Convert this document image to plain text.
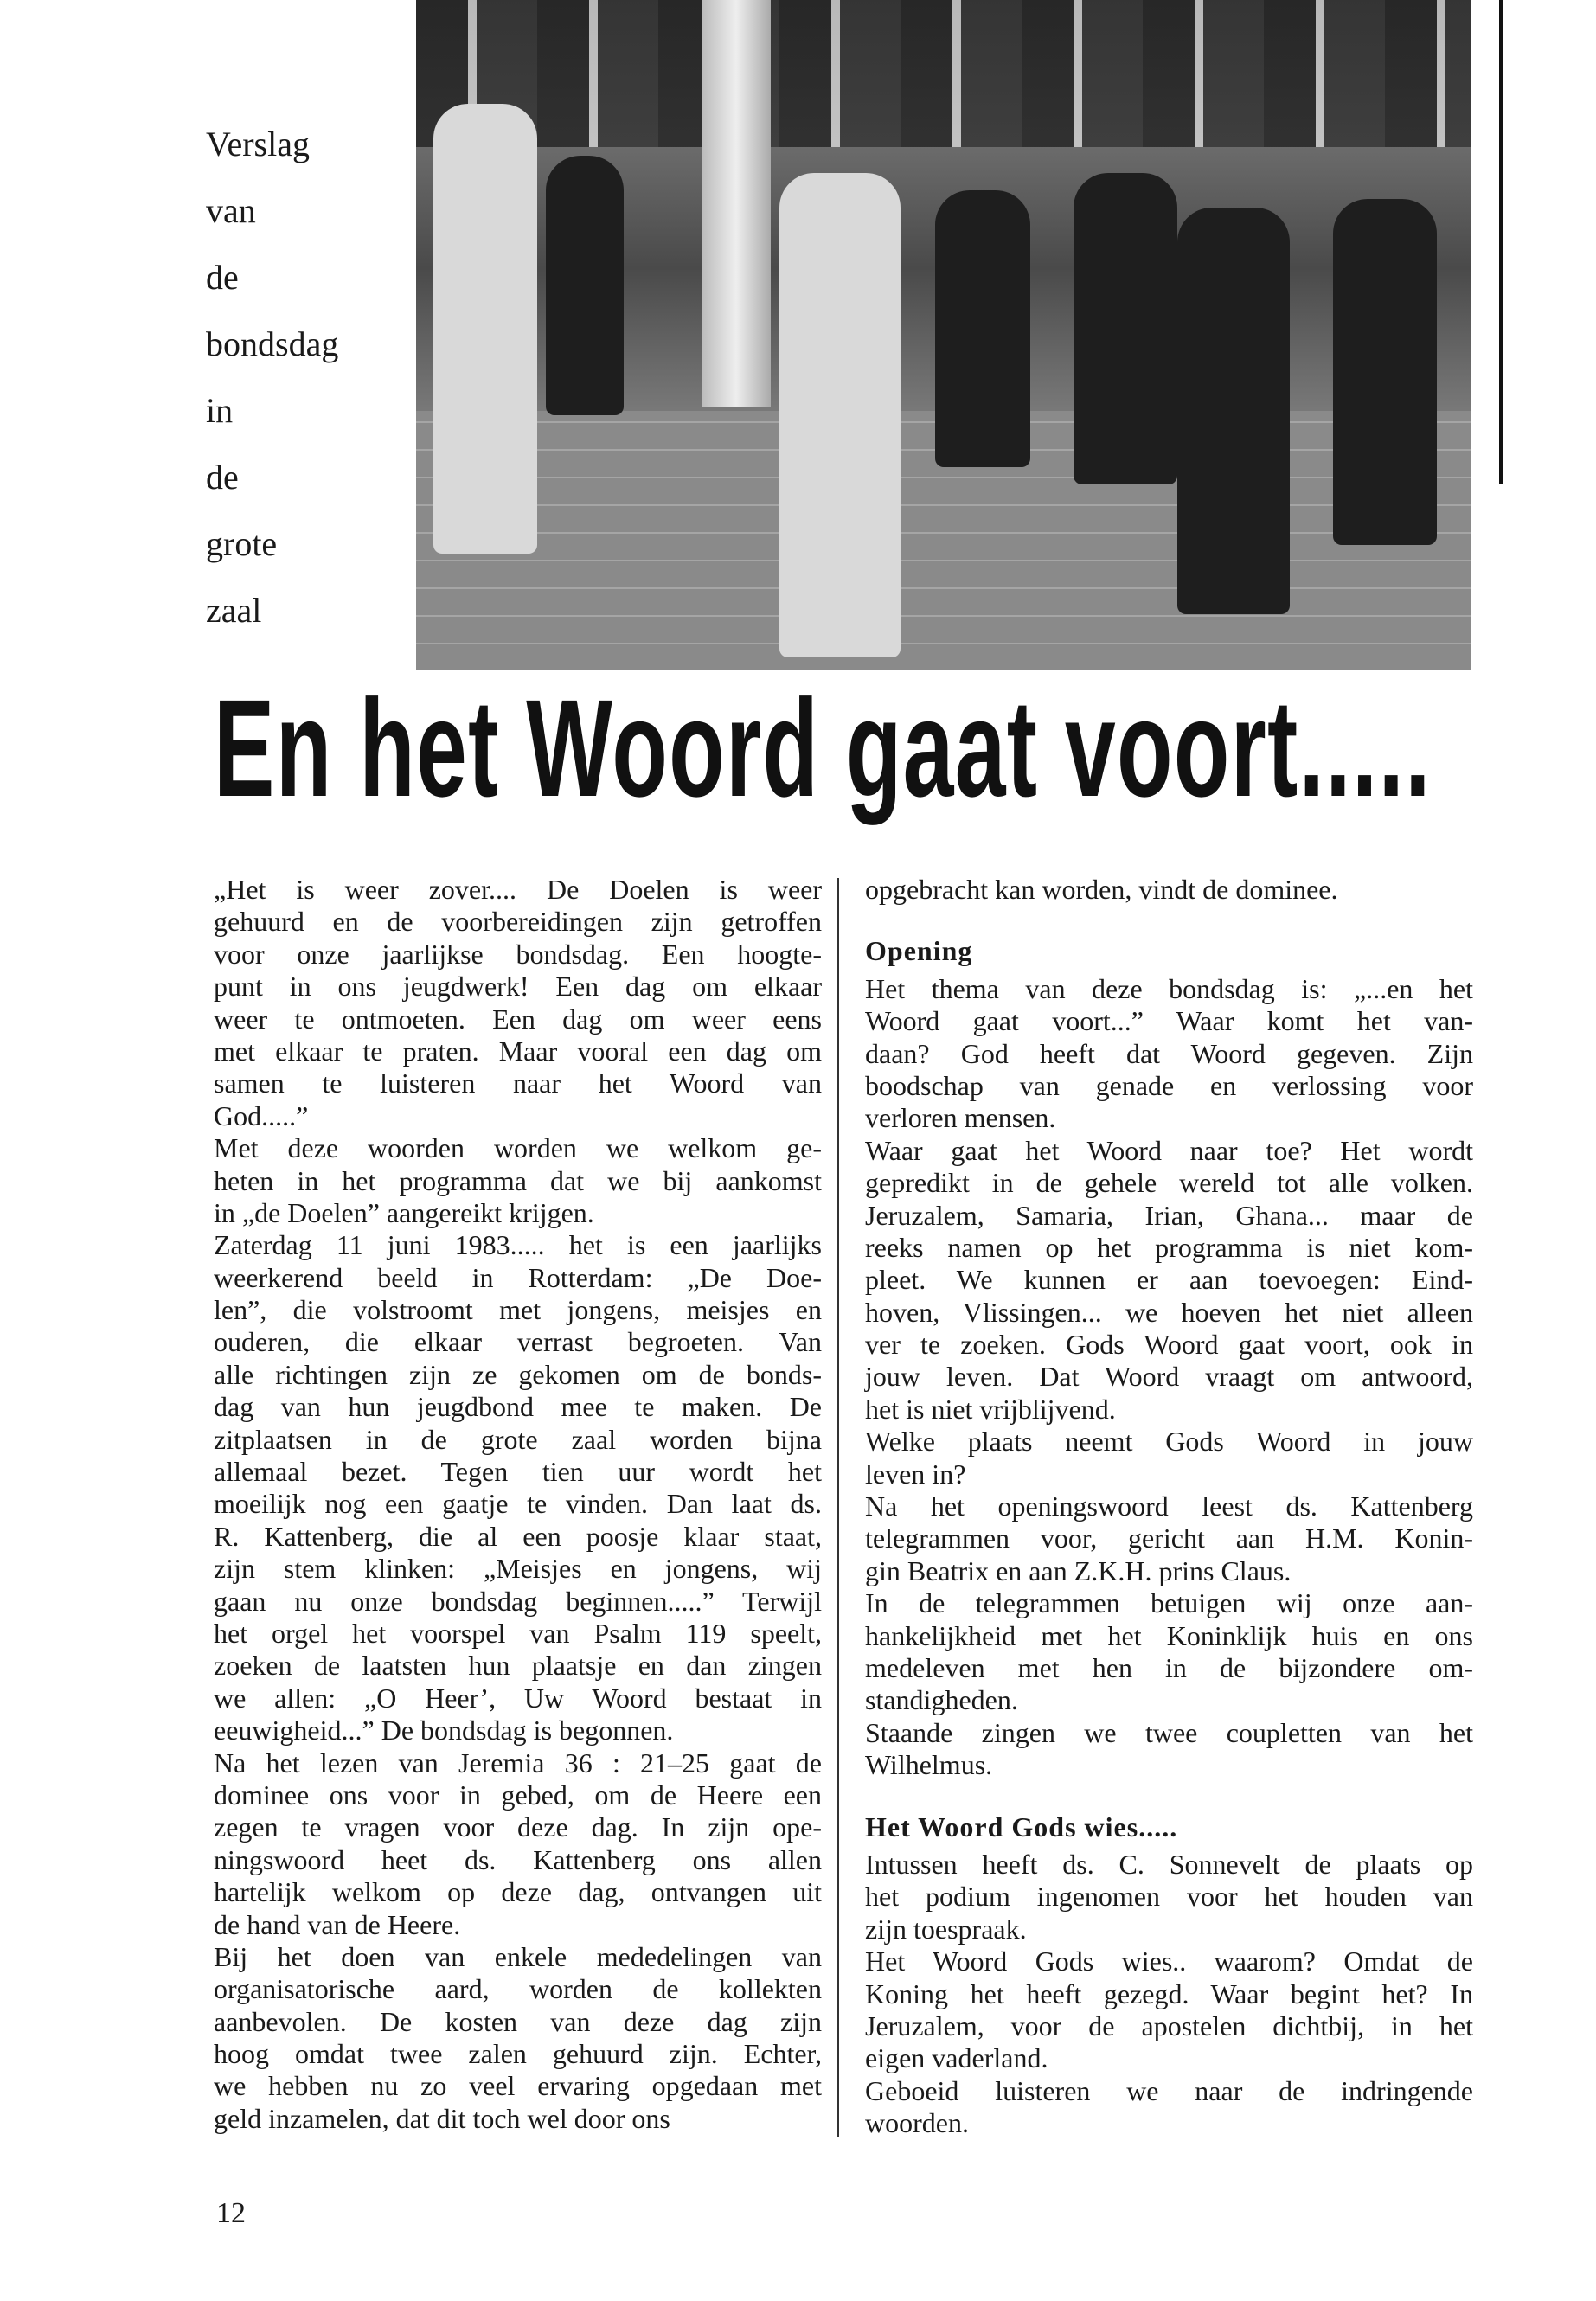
Verslag
van
de
bondsdag
in
de
grote
zaal
En het Woord gaat voort.....
„Het is weer zover.... De Doelen is weer
gehuurd en de voorbereidingen zijn getroffen
voor onze jaarlijkse bondsdag. Een hoogte-
punt in ons jeugdwerk! Een dag om elkaar
weer te ontmoeten. Een dag om weer eens
met elkaar te praten. Maar vooral een dag om
samen te luisteren naar het Woord van
God.....”
Met deze woorden worden we welkom ge-
heten in het programma dat we bij aankomst
in „de Doelen” aangereikt krijgen.
Zaterdag 11 juni 1983..... het is een jaarlijks
weerkerend beeld in Rotterdam: „De Doe-
len”, die volstroomt met jongens, meisjes en
ouderen, die elkaar verrast begroeten. Van
alle richtingen zijn ze gekomen om de bonds-
dag van hun jeugdbond mee te maken. De
zitplaatsen in de grote zaal worden bijna
allemaal bezet. Tegen tien uur wordt het
moeilijk nog een gaatje te vinden. Dan laat ds.
R. Kattenberg, die al een poosje klaar staat,
zijn stem klinken: „Meisjes en jongens, wij
gaan nu onze bondsdag beginnen.....” Terwijl
het orgel het voorspel van Psalm 119 speelt,
zoeken de laatsten hun plaatsje en dan zingen
we allen: „O Heer’, Uw Woord bestaat in
eeuwigheid...” De bondsdag is begonnen.
Na het lezen van Jeremia 36 : 21–25 gaat de
dominee ons voor in gebed, om de Heere een
zegen te vragen voor deze dag. In zijn ope-
ningswoord heet ds. Kattenberg ons allen
hartelijk welkom op deze dag, ontvangen uit
de hand van de Heere.
Bij het doen van enkele mededelingen van
organisatorische aard, worden de kollekten
aanbevolen. De kosten van deze dag zijn
hoog omdat twee zalen gehuurd zijn. Echter,
we hebben nu zo veel ervaring opgedaan met
geld inzamelen, dat dit toch wel door ons
opgebracht kan worden, vindt de dominee.
Opening
Het thema van deze bondsdag is: „...en het
Woord gaat voort...” Waar komt het van-
daan? God heeft dat Woord gegeven. Zijn
boodschap van genade en verlossing voor
verloren mensen.
Waar gaat het Woord naar toe? Het wordt
gepredikt in de gehele wereld tot alle volken.
Jeruzalem, Samaria, Irian, Ghana... maar de
reeks namen op het programma is niet kom-
pleet. We kunnen er aan toevoegen: Eind-
hoven, Vlissingen... we hoeven het niet alleen
ver te zoeken. Gods Woord gaat voort, ook in
jouw leven. Dat Woord vraagt om antwoord,
het is niet vrijblijvend.
Welke plaats neemt Gods Woord in jouw
leven in?
Na het openingswoord leest ds. Kattenberg
telegrammen voor, gericht aan H.M. Konin-
gin Beatrix en aan Z.K.H. prins Claus.
In de telegrammen betuigen wij onze aan-
hankelijkheid met het Koninklijk huis en ons
medeleven met hen in de bijzondere om-
standigheden.
Staande zingen we twee coupletten van het
Wilhelmus.
Het Woord Gods wies.....
Intussen heeft ds. C. Sonnevelt de plaats op
het podium ingenomen voor het houden van
zijn toespraak.
Het Woord Gods wies.. waarom? Omdat de
Koning het heeft gezegd. Waar begint het? In
Jeruzalem, voor de apostelen dichtbij, in het
eigen vaderland.
Geboeid luisteren we naar de indringende
woorden.
12
